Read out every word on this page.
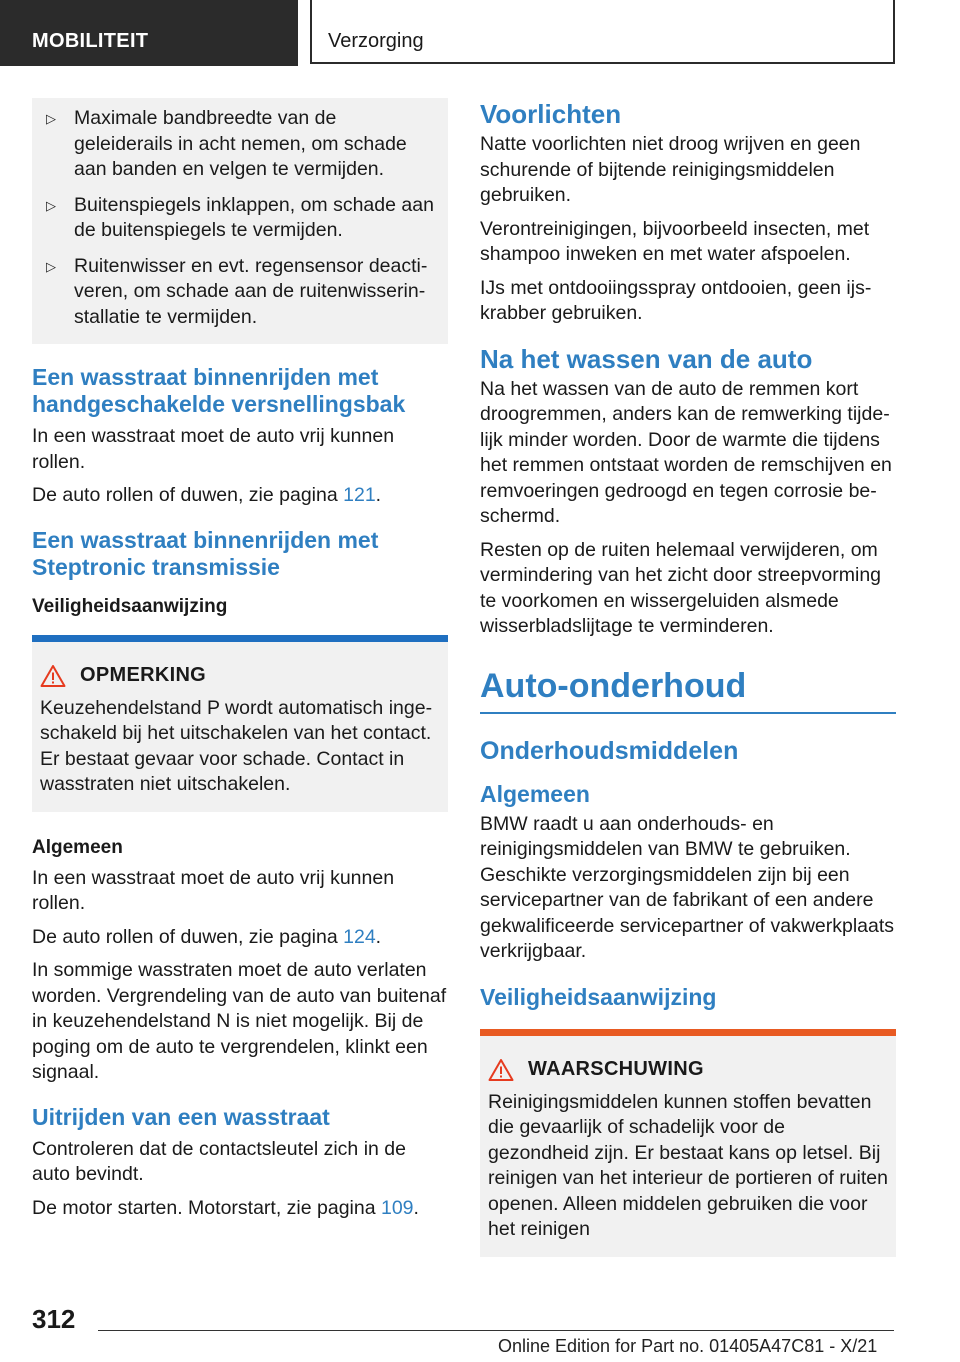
MOBILITEIT	Verzorging
▷ Maximale bandbreedte van de geleiderails in acht nemen, om schade aan banden en velgen te vermijden.
▷ Buitenspiegels inklappen, om schade aan de buitenspiegels te vermijden.
▷ Ruitenwisser en evt. regensensor deactiveren, om schade aan de ruitenwisserinstallatie te vermijden.
Een wasstraat binnenrijden met handgeschakelde versnellingsbak

In een wasstraat moet de auto vrij kunnen rollen.

De auto rollen of duwen, zie pagina 121.

Een wasstraat binnenrijden met Steptronic transmissie
Veiligheidsaanwijzing
OPMERKING
Keuzehendelstand P wordt automatisch ingeschakeld bij het uitschakelen van het contact. Er bestaat gevaar voor schade. Contact in wasstraten niet uitschakelen.
Algemeen

In een wasstraat moet de auto vrij kunnen rollen.

De auto rollen of duwen, zie pagina 124.

In sommige wasstraten moet de auto verlaten worden. Vergrendeling van de auto van buitenaf in keuzehendelstand N is niet mogelijk. Bij de poging om de auto te vergrendelen, klinkt een signaal.

Uitrijden van een wasstraat

Controleren dat de contactsleutel zich in de auto bevindt.

De motor starten. Motorstart, zie pagina 109.

Voorlichten

Natte voorlichten niet droog wrijven en geen schurende of bijtende reinigingsmiddelen gebruiken.

Verontreinigingen, bijvoorbeeld insecten, met shampoo inweken en met water afspoelen.

IJs met ontdooiingsspray ontdooien, geen ijskrabber gebruiken.

Na het wassen van de auto

Na het wassen van de auto de remmen kort droogremmen, anders kan de remwerking tijdelijk minder worden. Door de warmte die tijdens het remmen ontstaat worden de remschijven en remvoeringen gedroogd en tegen corrosie beschermd.

Resten op de ruiten helemaal verwijderen, om vermindering van het zicht door streepvorming te voorkomen en wissergeluiden alsmede wisserbladslijtage te verminderen.

Auto-onderhoud
Onderhoudsmiddelen
Algemeen

BMW raadt u aan onderhouds- en reinigingsmiddelen van BMW te gebruiken. Geschikte verzorgingsmiddelen zijn bij een servicepartner van de fabrikant of een andere gekwalificeerde servicepartner of vakwerkplaats verkrijgbaar.

Veiligheidsaanwijzing
WAARSCHUWING
Reinigingsmiddelen kunnen stoffen bevatten die gevaarlijk of schadelijk voor de gezondheid zijn. Er bestaat kans op letsel. Bij reinigen van het interieur de portieren of ruiten openen. Alleen middelen gebruiken die voor het reinigen
312
Online Edition for Part no. 01405A47C81 - X/21
